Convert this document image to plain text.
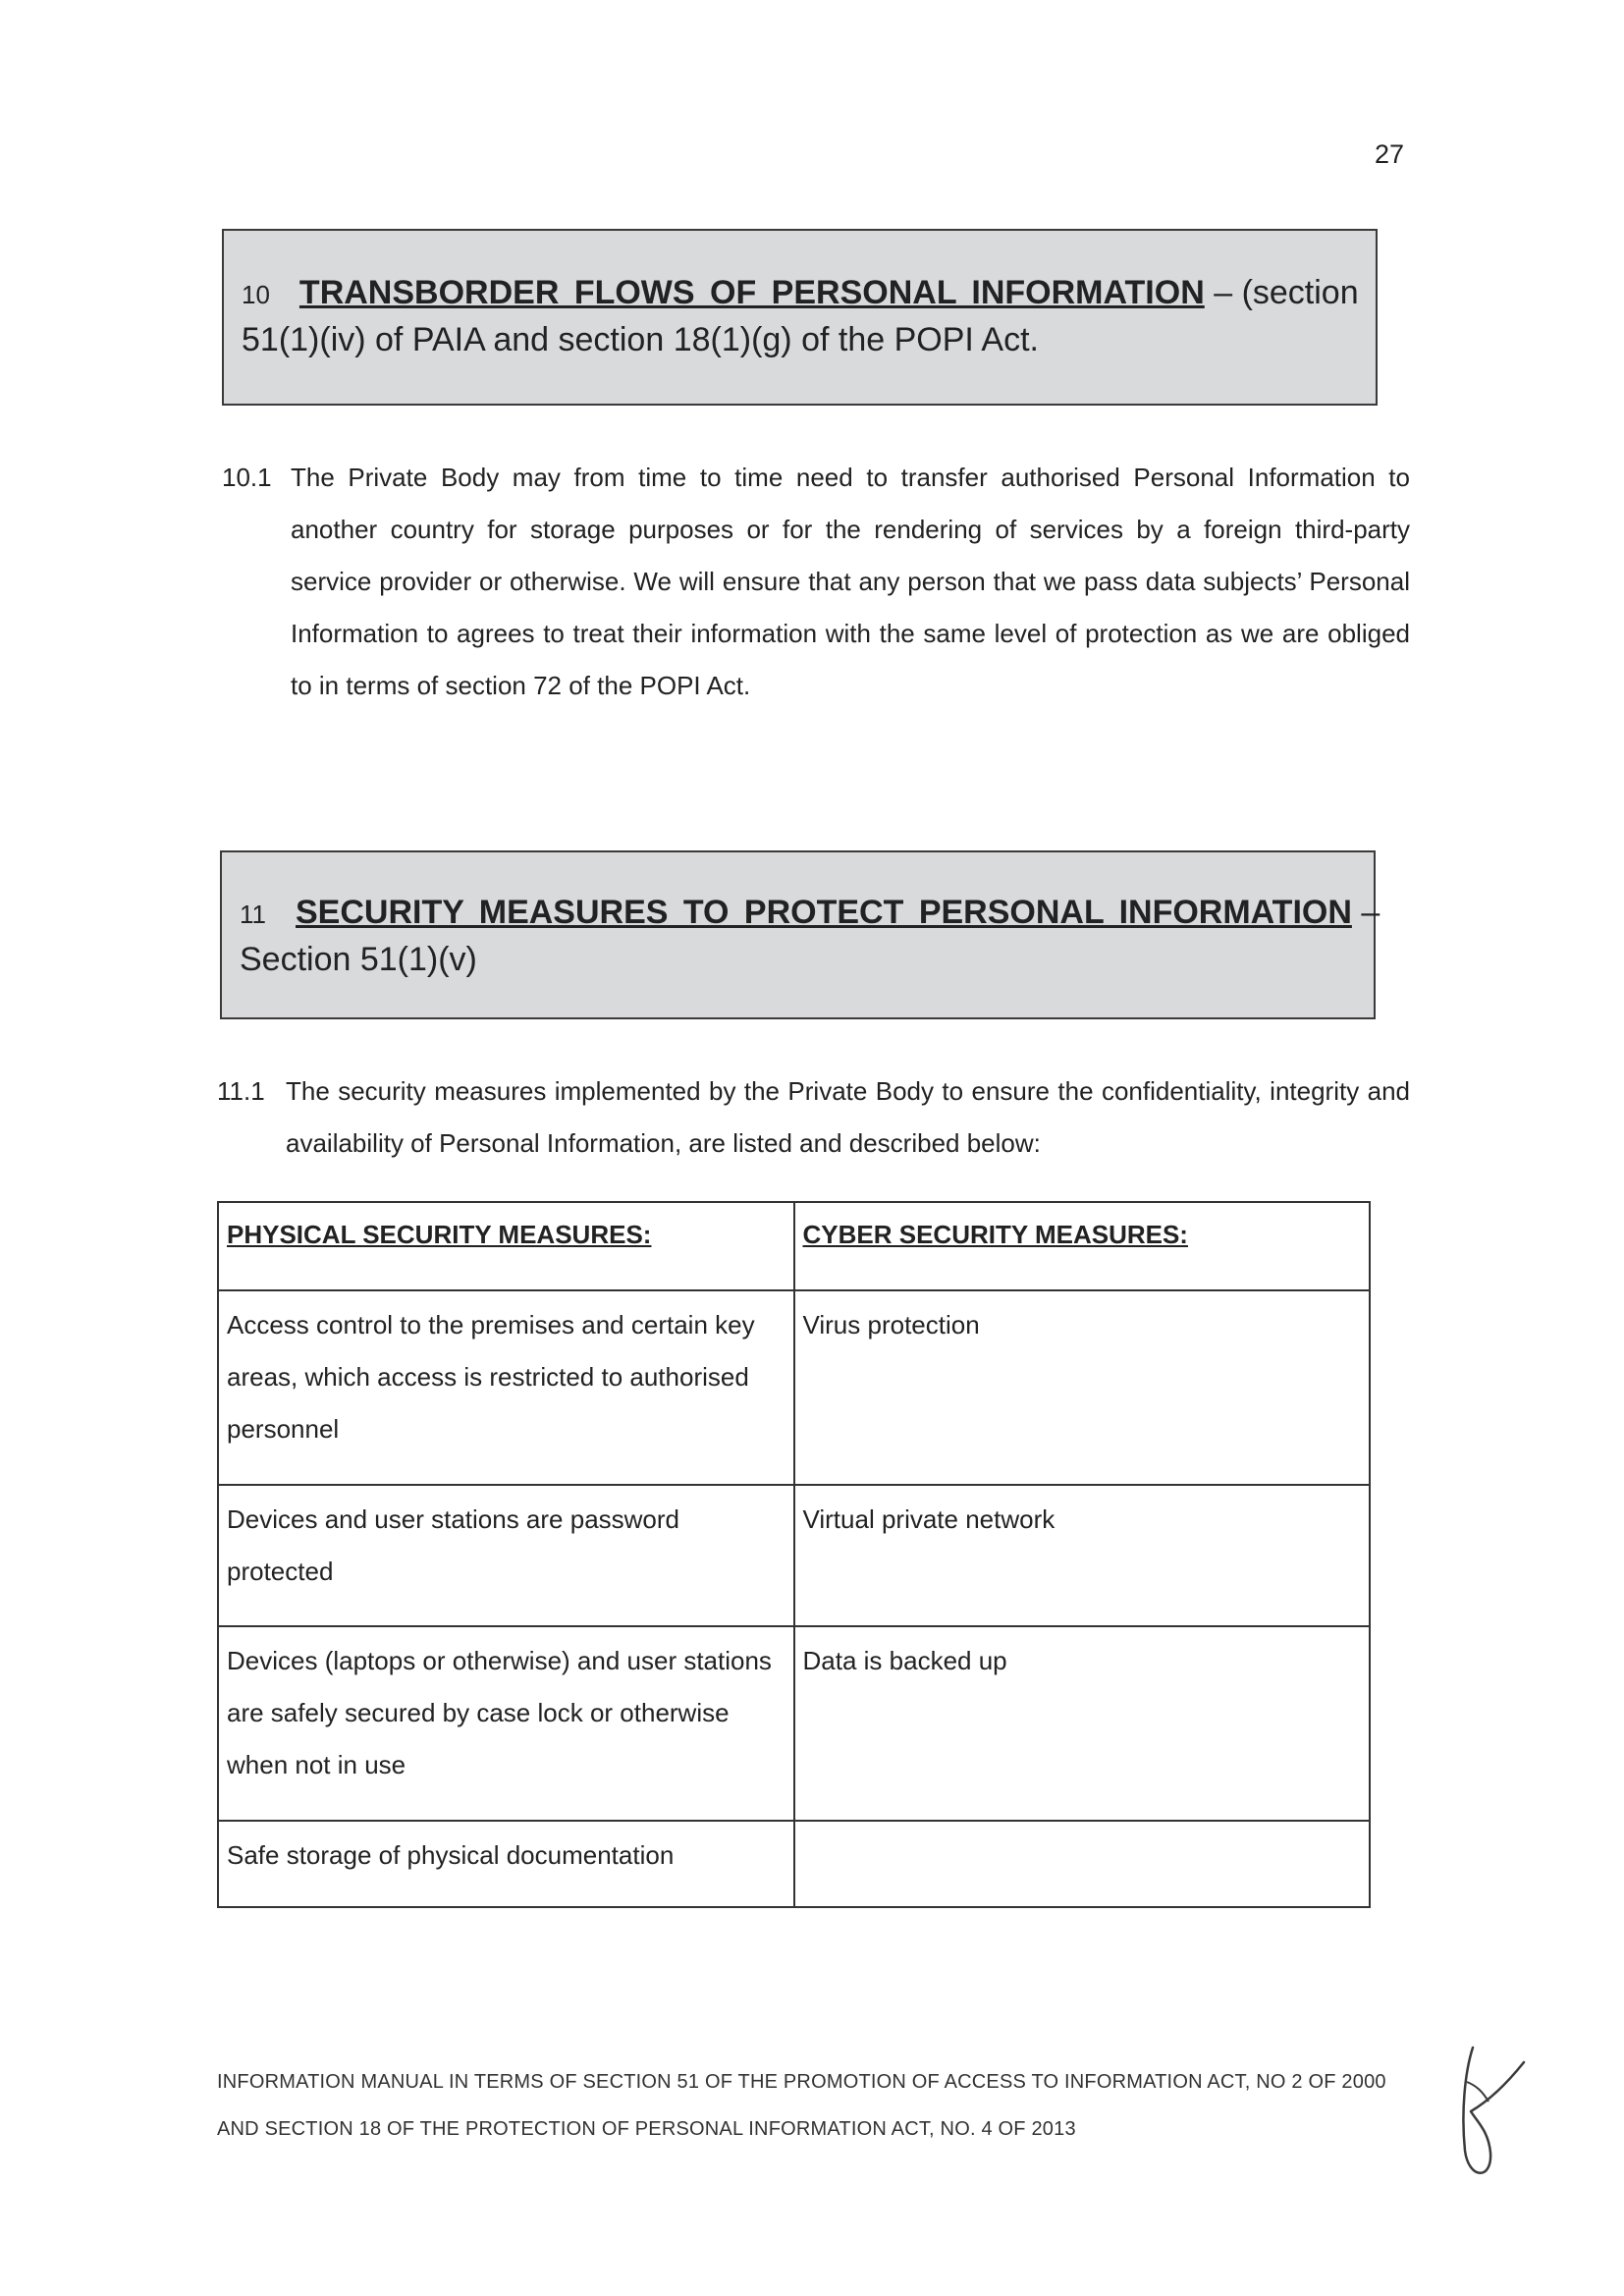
27
10 TRANSBORDER FLOWS OF PERSONAL INFORMATION – (section
51(1)(iv) of PAIA and section 18(1)(g) of the POPI Act.
10.1 The Private Body may from time to time need to transfer authorised Personal Information to another country for storage purposes or for the rendering of services by a foreign third-party service provider or otherwise. We will ensure that any person that we pass data subjects’ Personal Information to agrees to treat their information with the same level of protection as we are obliged to in terms of section 72 of the POPI Act.
11 SECURITY MEASURES TO PROTECT PERSONAL INFORMATION –
Section 51(1)(v)
11.1 The security measures implemented by the Private Body to ensure the confidentiality, integrity and availability of Personal Information, are listed and described below:
PHYSICAL SECURITY MEASURES:	CYBER SECURITY MEASURES:
Access control to the premises and certain key areas, which access is restricted to authorised personnel	Virus protection
Devices and user stations are password protected	Virtual private network
Devices (laptops or otherwise) and user stations are safely secured by case lock or otherwise when not in use	Data is backed up
Safe storage of physical documentation	
INFORMATION MANUAL IN TERMS OF SECTION 51 OF THE PROMOTION OF ACCESS TO INFORMATION ACT, NO 2 OF 2000
AND SECTION 18 OF THE PROTECTION OF PERSONAL INFORMATION ACT, NO. 4 OF 2013
